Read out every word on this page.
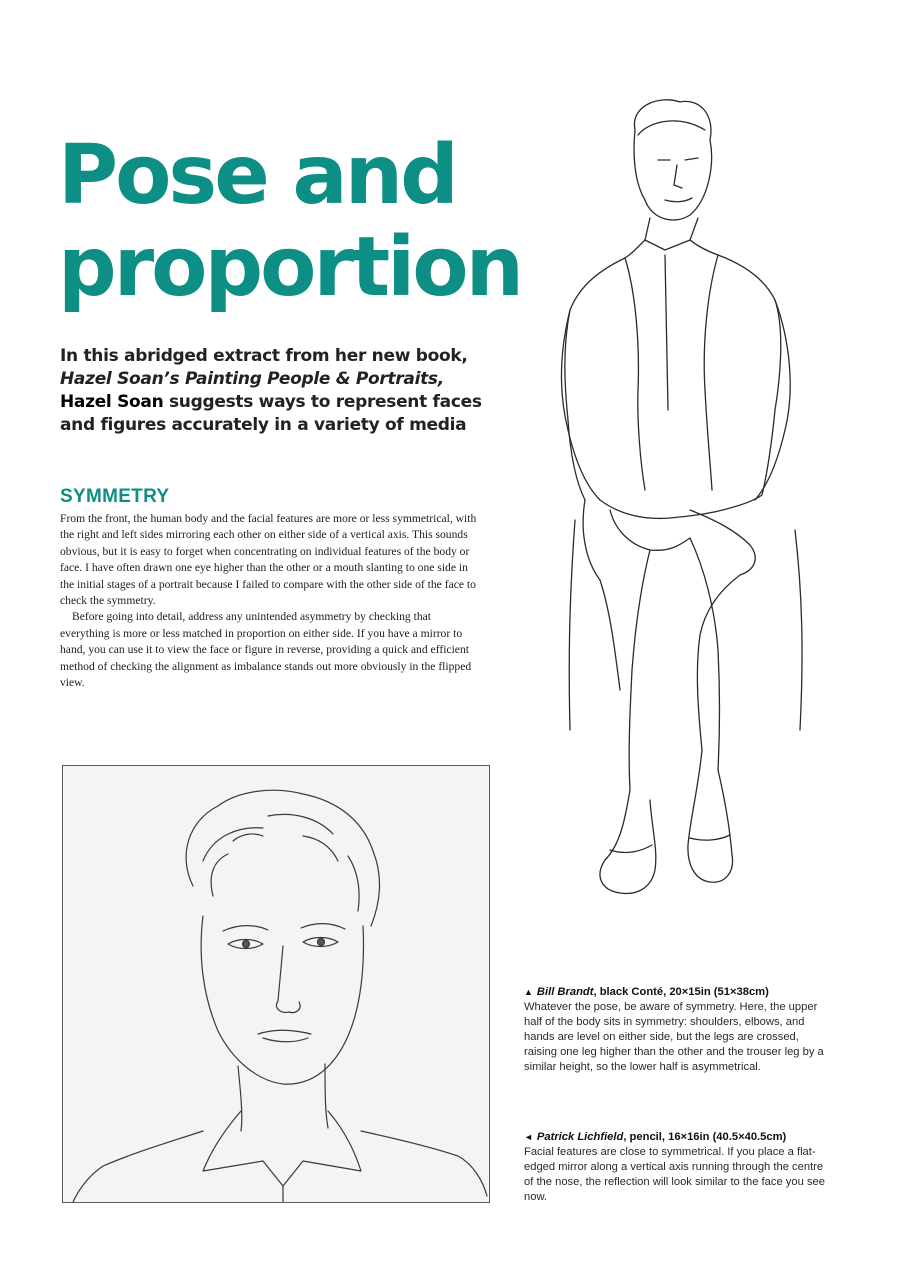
Pose and
proportion

In this abridged extract from her new book,
Hazel Soan’s Painting People & Portraits,
Hazel Soan suggests ways to represent faces and figures accurately in a variety of media

SYMMETRY

From the front, the human body and the facial features are more or less symmetrical, with the right and left sides mirroring each other on either side of a vertical axis. This sounds obvious, but it is easy to forget when concentrating on individual features of the body or face. I have often drawn one eye higher than the other or a mouth slanting to one side in the initial stages of a portrait because I failed to compare with the other side of the face to check the symmetry.

Before going into detail, address any unintended asymmetry by checking that everything is more or less matched in proportion on either side. If you have a mirror to hand, you can use it to view the face or figure in reverse, providing a quick and efficient method of checking the alignment as imbalance stands out more obviously in the flipped view.

▲ Bill Brandt, black Conté, 20×15in (51×38cm)
Whatever the pose, be aware of symmetry. Here, the upper half of the body sits in symmetry: shoulders, elbows, and hands are level on either side, but the legs are crossed, raising one leg higher than the other and the trouser leg by a similar height, so the lower half is asymmetrical.
◄ Patrick Lichfield, pencil, 16×16in (40.5×40.5cm)
Facial features are close to symmetrical. If you place a flat-edged mirror along a vertical axis running through the centre of the nose, the reflection will look similar to the face you see now.
